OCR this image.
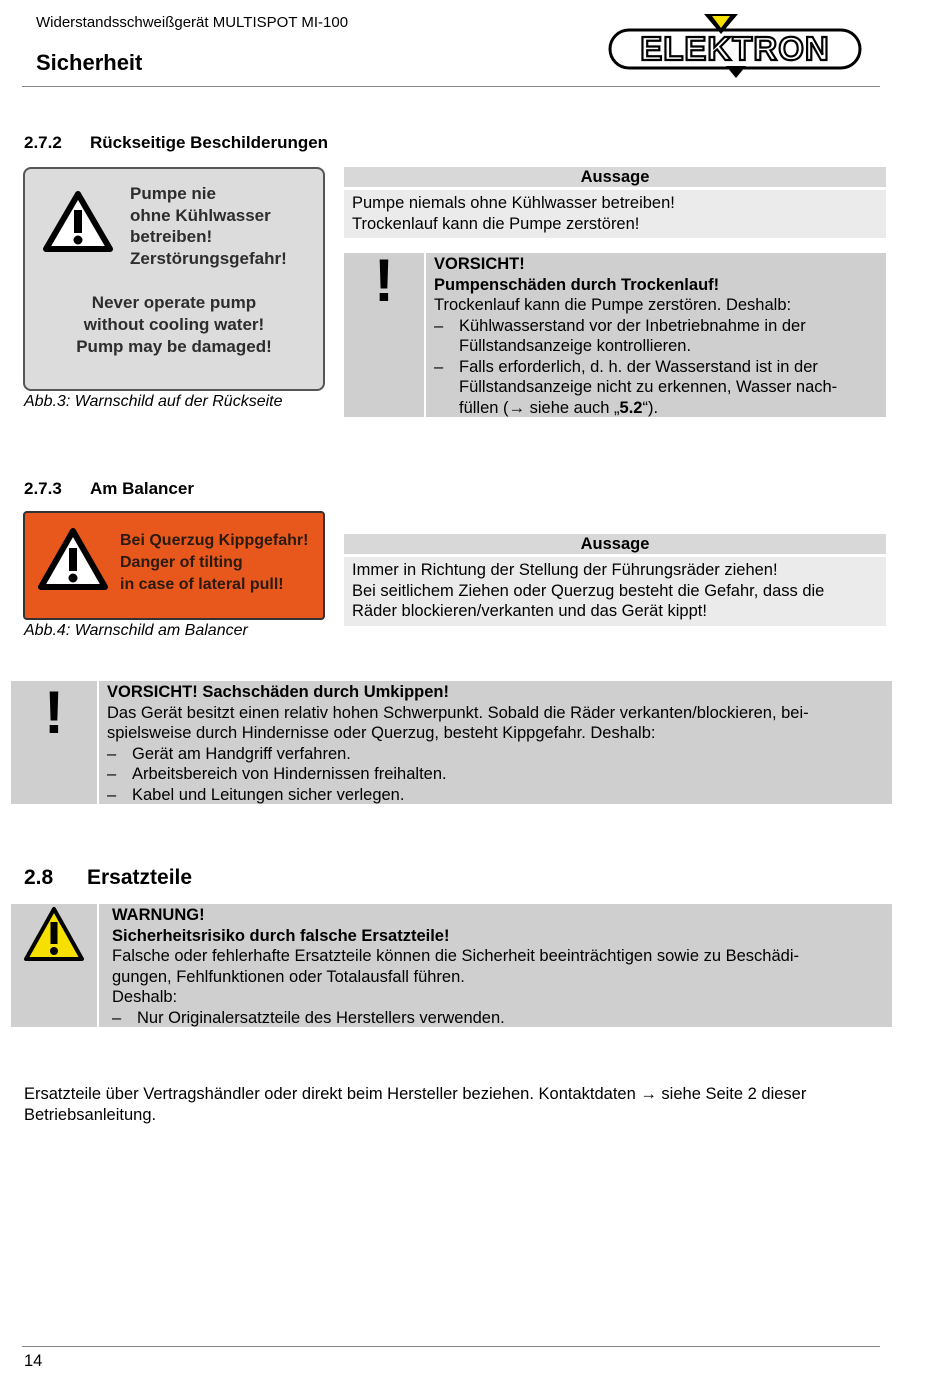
Widerstandsschweißgerät MULTISPOT MI-100
Sicherheit	ELEKTRON
2.7.2 Rückseitige Beschilderungen
Pumpe nie
ohne Kühlwasser
betreiben!
Zerstörungsgefahr!
Never operate pump
without cooling water!
Pump may be damaged!
Abb.3: Warnschild auf der Rückseite
Aussage
Pumpe niemals ohne Kühlwasser betreiben!
Trockenlauf kann die Pumpe zerstören!
!	VORSICHT!
Pumpenschäden durch Trockenlauf!
Trockenlauf kann die Pumpe zerstören. Deshalb:
– Kühlwasserstand vor der Inbetriebnahme in der
Füllstandsanzeige kontrollieren.
– Falls erforderlich, d. h. der Wasserstand ist in der
Füllstandsanzeige nicht zu erkennen, Wasser nach-
füllen (→ siehe auch „5.2“).
2.7.3 Am Balancer
Bei Querzug Kippgefahr!
Danger of tilting
in case of lateral pull!
Abb.4: Warnschild am Balancer
Aussage
Immer in Richtung der Stellung der Führungsräder ziehen!
Bei seitlichem Ziehen oder Querzug besteht die Gefahr, dass die
Räder blockieren/verkanten und das Gerät kippt!
!	VORSICHT! Sachschäden durch Umkippen!
Das Gerät besitzt einen relativ hohen Schwerpunkt. Sobald die Räder verkanten/blockieren, bei-
spielsweise durch Hindernisse oder Querzug, besteht Kippgefahr. Deshalb:
– Gerät am Handgriff verfahren.
– Arbeitsbereich von Hindernissen freihalten.
– Kabel und Leitungen sicher verlegen.
2.8 Ersatzteile
WARNUNG!
Sicherheitsrisiko durch falsche Ersatzteile!
Falsche oder fehlerhafte Ersatzteile können die Sicherheit beeinträchtigen sowie zu Beschädi-
gungen, Fehlfunktionen oder Totalausfall führen.
Deshalb:
– Nur Originalersatzteile des Herstellers verwenden.
Ersatzteile über Vertragshändler oder direkt beim Hersteller beziehen. Kontaktdaten → siehe Seite 2 dieser
Betriebsanleitung.
14
